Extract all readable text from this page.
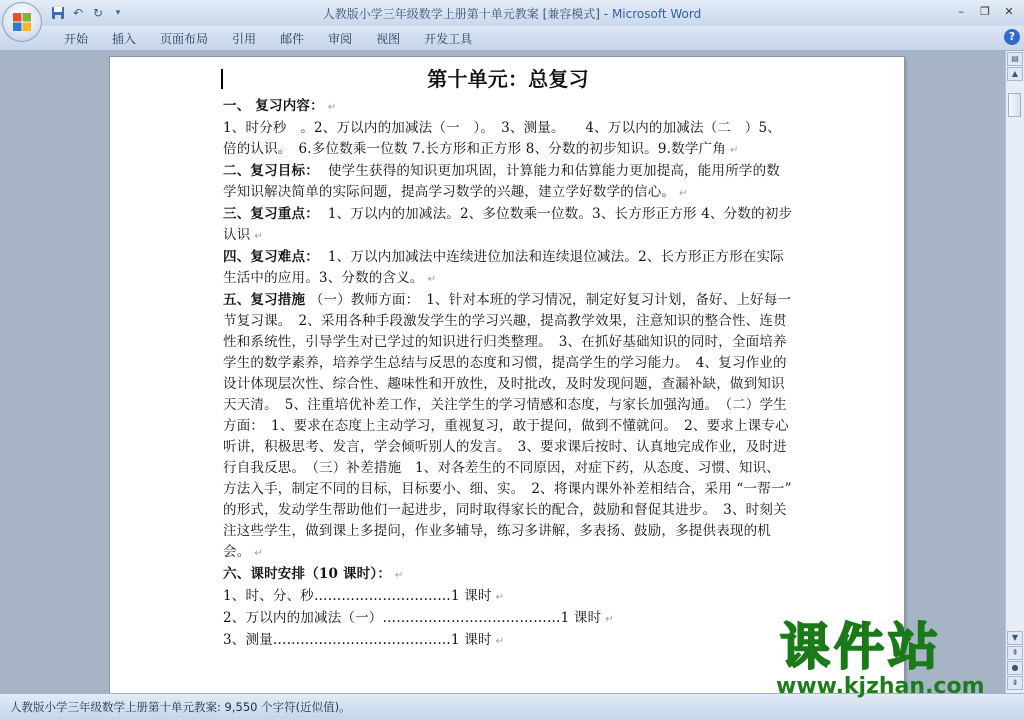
↶ ↻	▾	人教版小学三年级数学上册第十单元教案 [兼容模式] - Microsoft Word	–	❐	✕
开始	插入	页面布局	引用	邮件	审阅	视图	开发工具	?

第十单元：总复习

一、 复习内容： ↵

1、时分秒　。2、万以内的加减法（一　）。　3、测量。　　4、万以内的加减法（二　）5、倍的认识。　6.多位数乘一位数 7.长方形和正方形 8、分数的初步知识。9.数学广角 ↵

二、复习目标： 使学生获得的知识更加巩固，计算能力和估算能力更加提高，能用所学的数学知识解决简单的实际问题，提高学习数学的兴趣，建立学好数学的信心。 ↵

三、复习重点： 1、万以内的加减法。2、多位数乘一位数。3、长方形正方形 4、分数的初步认识 ↵

四、复习难点： 1、万以内加减法中连续进位加法和连续退位减法。2、长方形正方形在实际生活中的应用。3、分数的含义。 ↵

五、复习措施 （一）教师方面：　1、针对本班的学习情况，制定好复习计划，备好、上好每一节复习课。　2、采用各种手段激发学生的学习兴趣，提高教学效果，注意知识的整合性、连贯性和系统性，引导学生对已学过的知识进行归类整理。　3、在抓好基础知识的同时，全面培养学生的数学素养，培养学生总结与反思的态度和习惯，提高学生的学习能力。　4、复习作业的设计体现层次性、综合性、趣味性和开放性，及时批改，及时发现问题，查漏补缺，做到知识天天清。　5、注重培优补差工作，关注学生的学习情感和态度，与家长加强沟通。　（二）学生方面：　1、要求在态度上主动学习，重视复习，敢于提问，做到不懂就问。　2、要求上课专心听讲，积极思考、发言，学会倾听别人的发言。　3、要求课后按时、认真地完成作业，及时进行自我反思。　（三）补差措施　1、对各差生的不同原因，对症下药，从态度、习惯、知识、方法入手，制定不同的目标，目标要小、细、实。　2、将课内课外补差相结合，采用 “一帮一” 的形式，发动学生帮助他们一起进步，同时取得家长的配合，鼓励和督促其进步。　3、时刻关注这些学生，做到课上多提问，作业多辅导，练习多讲解，多表扬、鼓励，多提供表现的机会。 ↵

六、课时安排（10 课时）： ↵

1、时、分、秒…………………………1 课时 ↵

2、万以内的加减法（一）…………………………………1 课时 ↵

3、测量…………………………………1 课时 ↵

▤
▲
▼
⇞
●
⇟
人教版小学三年级数学上册第十单元教案: 9,550 个字符(近似值)。
课件站
www.kjzhan.com
